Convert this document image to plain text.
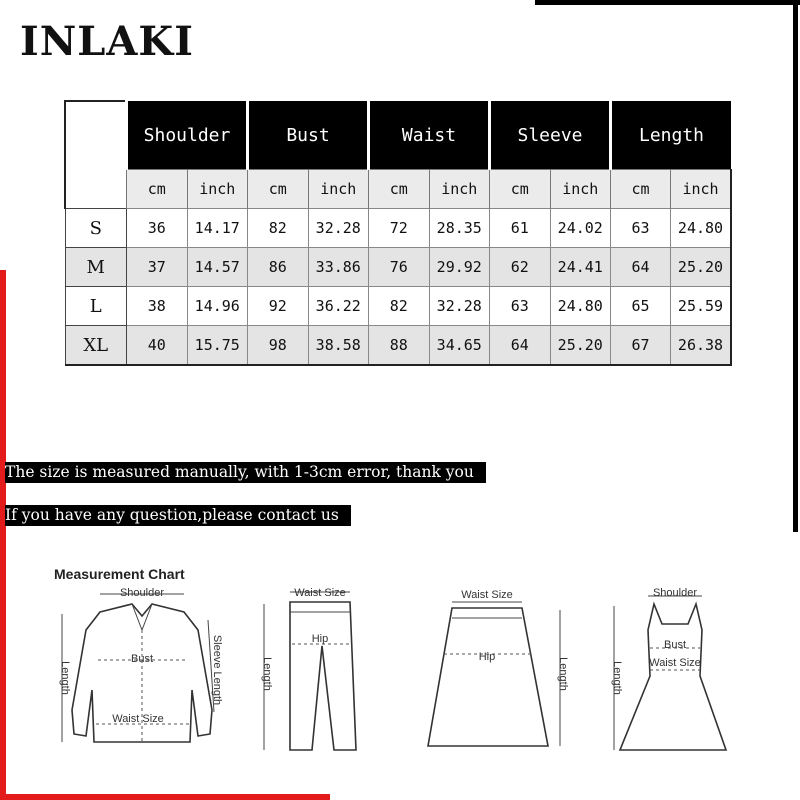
INLAKI
	Shoulder		Bust		Waist		Sleeve		Length	
	cm	inch	cm	inch	cm	inch	cm	inch	cm	inch
S	36	14.17	82	32.28	72	28.35	61	24.02	63	24.80
M	37	14.57	86	33.86	76	29.92	62	24.41	64	25.20
L	38	14.96	92	36.22	82	32.28	63	24.80	65	25.59
XL	40	15.75	98	38.58	88	34.65	64	25.20	67	26.38
The size is measured manually, with 1-3cm error, thank you
If you have any question,please contact us
Measurement Chart
Shoulder
Bust
Waist Size
Length	Sleeve Length
Waist Size
Hip
Length
Waist Size
Hip
Length
Shoulder
Bust
Waist Size
Length
